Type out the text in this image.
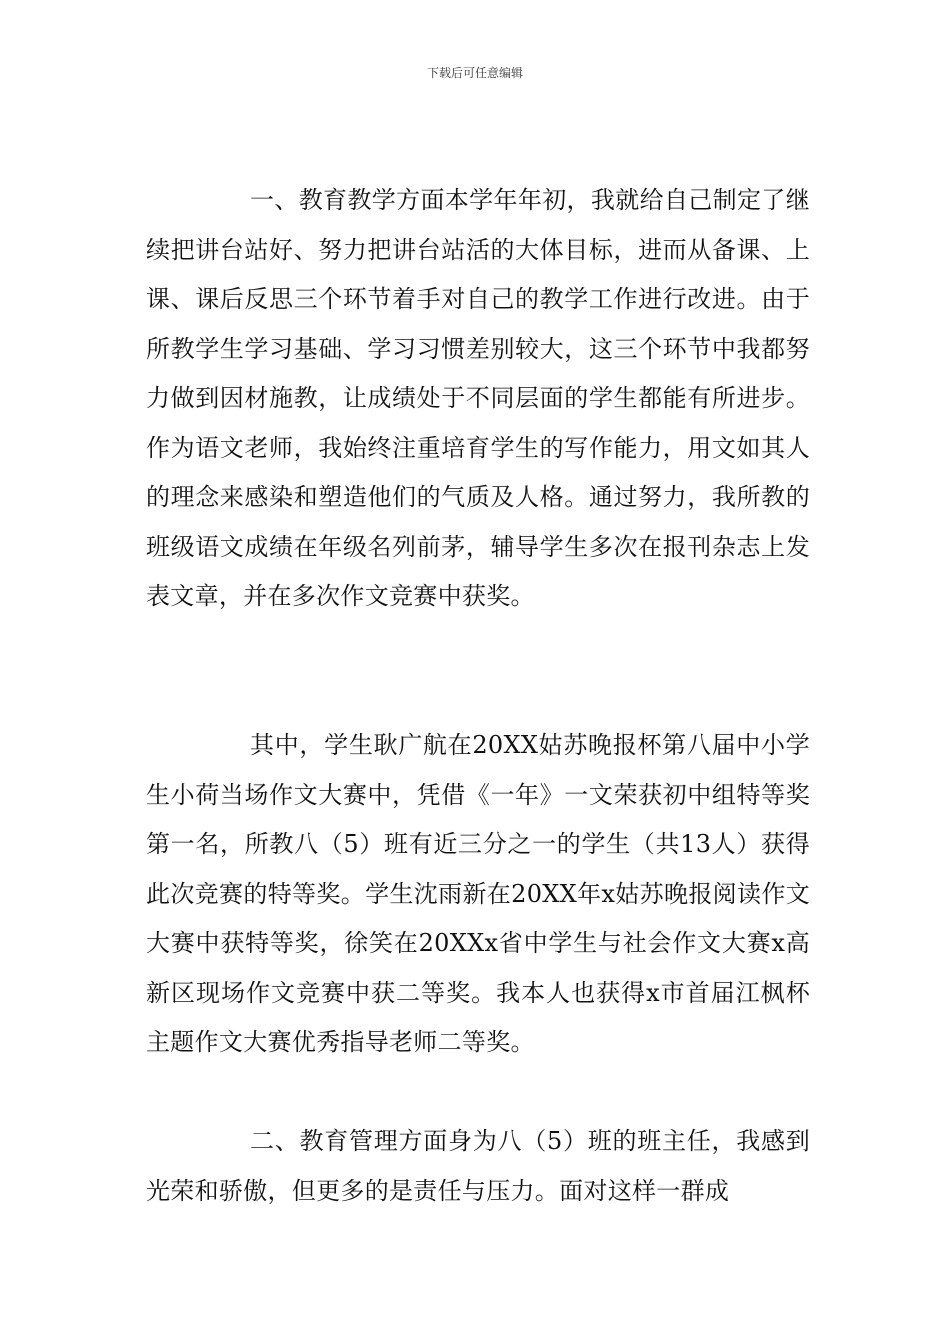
下载后可任意编辑

一、教育教学方面本学年年初，我就给自己制定了继续把讲台站好、努力把讲台站活的大体目标，进而从备课、上课、课后反思三个环节着手对自己的教学工作进行改进。由于所教学生学习基础、学习习惯差别较大，这三个环节中我都努力做到因材施教，让成绩处于不同层面的学生都能有所进步。作为语文老师，我始终注重培育学生的写作能力，用文如其人的理念来感染和塑造他们的气质及人格。通过努力，我所教的班级语文成绩在年级名列前茅，辅导学生多次在报刊杂志上发表文章，并在多次作文竞赛中获奖。

其中，学生耿广航在20XX姑苏晚报杯第八届中小学生小荷当场作文大赛中，凭借《一年》一文荣获初中组特等奖第一名，所教八（5）班有近三分之一的学生（共13人）获得此次竞赛的特等奖。学生沈雨新在20XX年x姑苏晚报阅读作文大赛中获特等奖，徐笑在20XXx省中学生与社会作文大赛x高新区现场作文竞赛中获二等奖。我本人也获得x市首届江枫杯主题作文大赛优秀指导老师二等奖。

二、教育管理方面身为八（5）班的班主任，我感到光荣和骄傲，但更多的是责任与压力。面对这样一群成
